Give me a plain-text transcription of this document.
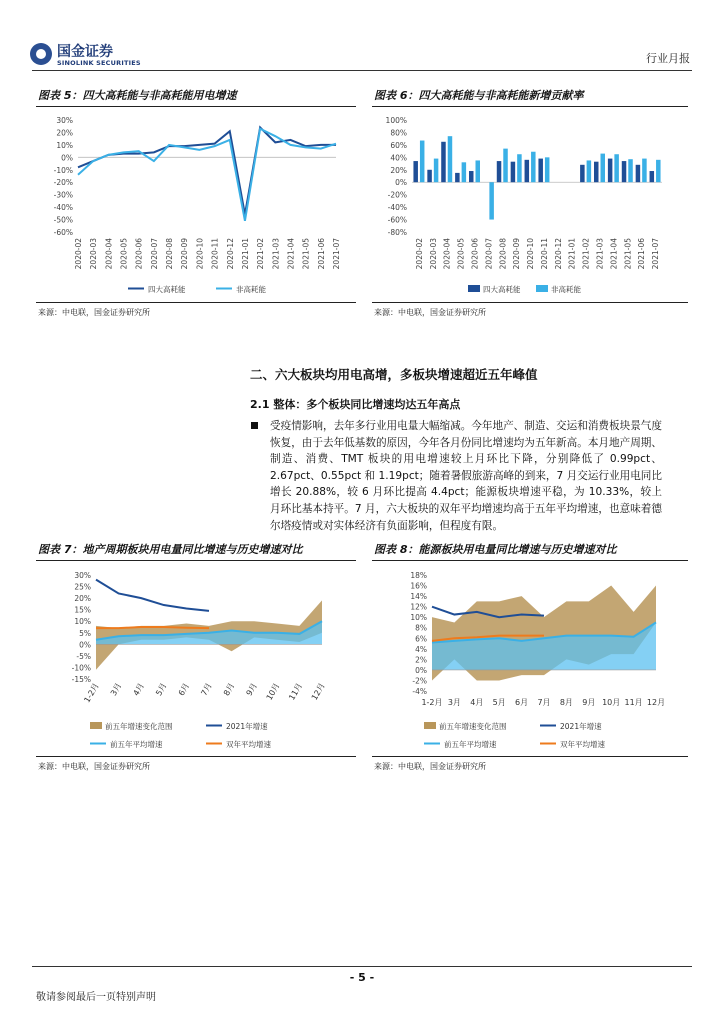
国金证券
SINOLINK SECURITIES	行业月报
图表 5：四大高耗能与非高耗能用电增速
30%
20%
10%
0%
-10%
-20%
-30%
-40%
-50%
-60%
2020-02 2020-03 2020-04 2020-05 2020-06 2020-07 2020-08 2020-09 2020-10 2020-11 2020-12 2021-01 2021-02 2021-03 2021-04 2021-05 2021-06 2021-07
四大高耗能	非高耗能
来源：中电联，国金证券研究所
图表 6：四大高耗能与非高耗能新增贡献率
100%
80%
60%
40%
20%
0%
-20%
-40%
-60%
-80%
2020-02 2020-03 2020-04 2020-05 2020-06 2020-07 2020-08 2020-09 2020-10 2020-11 2020-12 2021-01 2021-02 2021-03 2021-04 2021-05 2021-06 2021-07
四大高耗能	非高耗能
来源：中电联，国金证券研究所
二、六大板块均用电高增，多板块增速超近五年峰值
2.1 整体：多个板块同比增速均达五年高点
受疫情影响，去年多行业用电量大幅缩减。今年地产、制造、交运和消费板块景气度恢复，由于去年低基数的原因，今年各月份同比增速均为五年新高。本月地产周期、制造、消费、TMT 板块的用电增速较上月环比下降，分别降低了 0.99pct、2.67pct、0.55pct 和 1.19pct；随着暑假旅游高峰的到来，7 月交运行业用电同比增长 20.88%，较 6 月环比提高 4.4pct；能源板块增速平稳，为 10.33%，较上月环比基本持平。7 月，六大板块的双年平均增速均高于五年平均增速，也意味着德尔塔疫情或对实体经济有负面影响，但程度有限。
图表 7：地产周期板块用电量同比增速与历史增速对比
30%
25%
20%
15%
10%
5%
0%
-5%
-10%
-15%
1-2月 3月 4月 5月 6月 7月 8月 9月 10月 11月 12月
前五年增速变化范围	2021年增速
前五年平均增速	双年平均增速
来源：中电联，国金证券研究所
图表 8：能源板块用电量同比增速与历史增速对比
18%
16%
14%
12%
10%
8%
6%
4%
2%
0%
-2%
-4%
1-2月 3月 4月 5月 6月 7月 8月 9月 10月 11月 12月
前五年增速变化范围	2021年增速
前五年平均增速	双年平均增速
来源：中电联，国金证券研究所
- 5 -
敬请参阅最后一页特别声明
